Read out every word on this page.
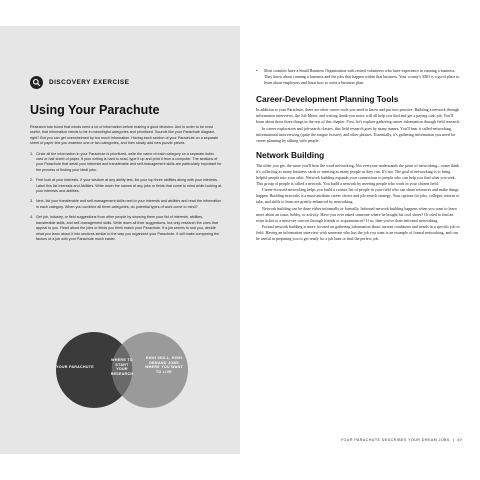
DISCOVERY EXERCISE
Using Your Parachute

Research has found that minds need a lot of information before making a good decision. And in order to be most useful, that information needs to be in meaningful categories and prioritized. Sounds like your Parachute diagram, right? But you can get overwhelmed by too much information. Having each section of your Parachute on a separate sheet of paper lets you examine one or two categories, and then slowly add new puzzle pieces.

1. Circle all the information in your Parachute is prioritized, write the name of each category on a separate index card or half sheet of paper. If your writing is hard to read, type it up and print it from a computer. The sections of your Parachute that detail your interests and transferable and self-management skills are particularly important for the process of finding your ideal jobs.
2. First look at your interests. If your wisdom at any ability test, list your top three abilities along with your interests. Label this list Interests and Abilities. Write down the names of any jobs or fields that come to mind while looking at your interests and abilities.
3. Next, list your transferable and self-management skills next to your interests and abilities and read the information in each category. When you combine all three categories, do potential types of work come to mind?
4. Get job, industry, or field suggestions from other people by showing them your list of interests, abilities, transferable skills, and self-management skills. Write down all their suggestions, but only research the ones that appeal to you. Read about the jobs or fields you think match your Parachute. If a job seems to suit you, decide what you learn about it into sections similar to the way you organized your Parachute. It will make comparing the factors of a job with your Parachute much easier.
•	Most counties have a Small Business Organization with retired volunteers who have experience in running a business. They know about running a business and the jobs that happen within that business. Your county's SBO is a good place to learn about employers and learn how to write a business plan.
Career-Development Planning Tools

In addition to your Parachute, there are other career tools you need to know and put into practice. Building a network through information interviews, the Job Meter, and writing thank-you notes will all help you find and get a paying cash job. You'll learn about these three things in the rest of this chapter. First, let's explore gathering career information through field research.

In career exploration and job-search classes, this field research goes by many names. You'll hear it called networking, informational interviewing (quite the tongue twister), and other phrases. Essentially, it's gathering information you need for career planning by talking with people.

Network Building

The older you get, the more you'll hear the word networking. Not everyone understands the point of networking—some think it's collecting as many business cards or meeting as many people as they can. It's not. The goal of networking is to bring helpful people into your orbit. Network building expands your connections to people who can help you find what you seek. This group of people is called a network. You build a network by meeting people who work in your chosen field.

Career-focused networking helps you build a contact list of people in your field who can share resources and make things happen. Building networks is a must-attribute career choice and job-search strategy. Your options for jobs, colleges, interns to take, and skills to learn are greatly enhanced by networking.

Network building can be done either informally or formally. Informal network building happens when you want to learn more about an issue, hobby, or activity. Have you ever asked someone where he bought his cool shoes? Or tried to find an extra ticket to a must-see concert through friends or acquaintances? If so, then you've done informal networking.

Formal network building is more focused on gathering information about current conditions and trends in a specific job or field. Having an information interview with someone who has the job you want is an example of formal networking, and can be useful in preparing you to get ready for a job hunt or find the perfect job.

YOUR PARACHUTE DESCRIBES YOUR DREAM JOBS | 49
YOUR PARACHUTE
WHERE TO START YOUR RESEARCH
HIGH SKILL, HIGH DEMAND JOBS WHERE YOU WANT TO LIVE
